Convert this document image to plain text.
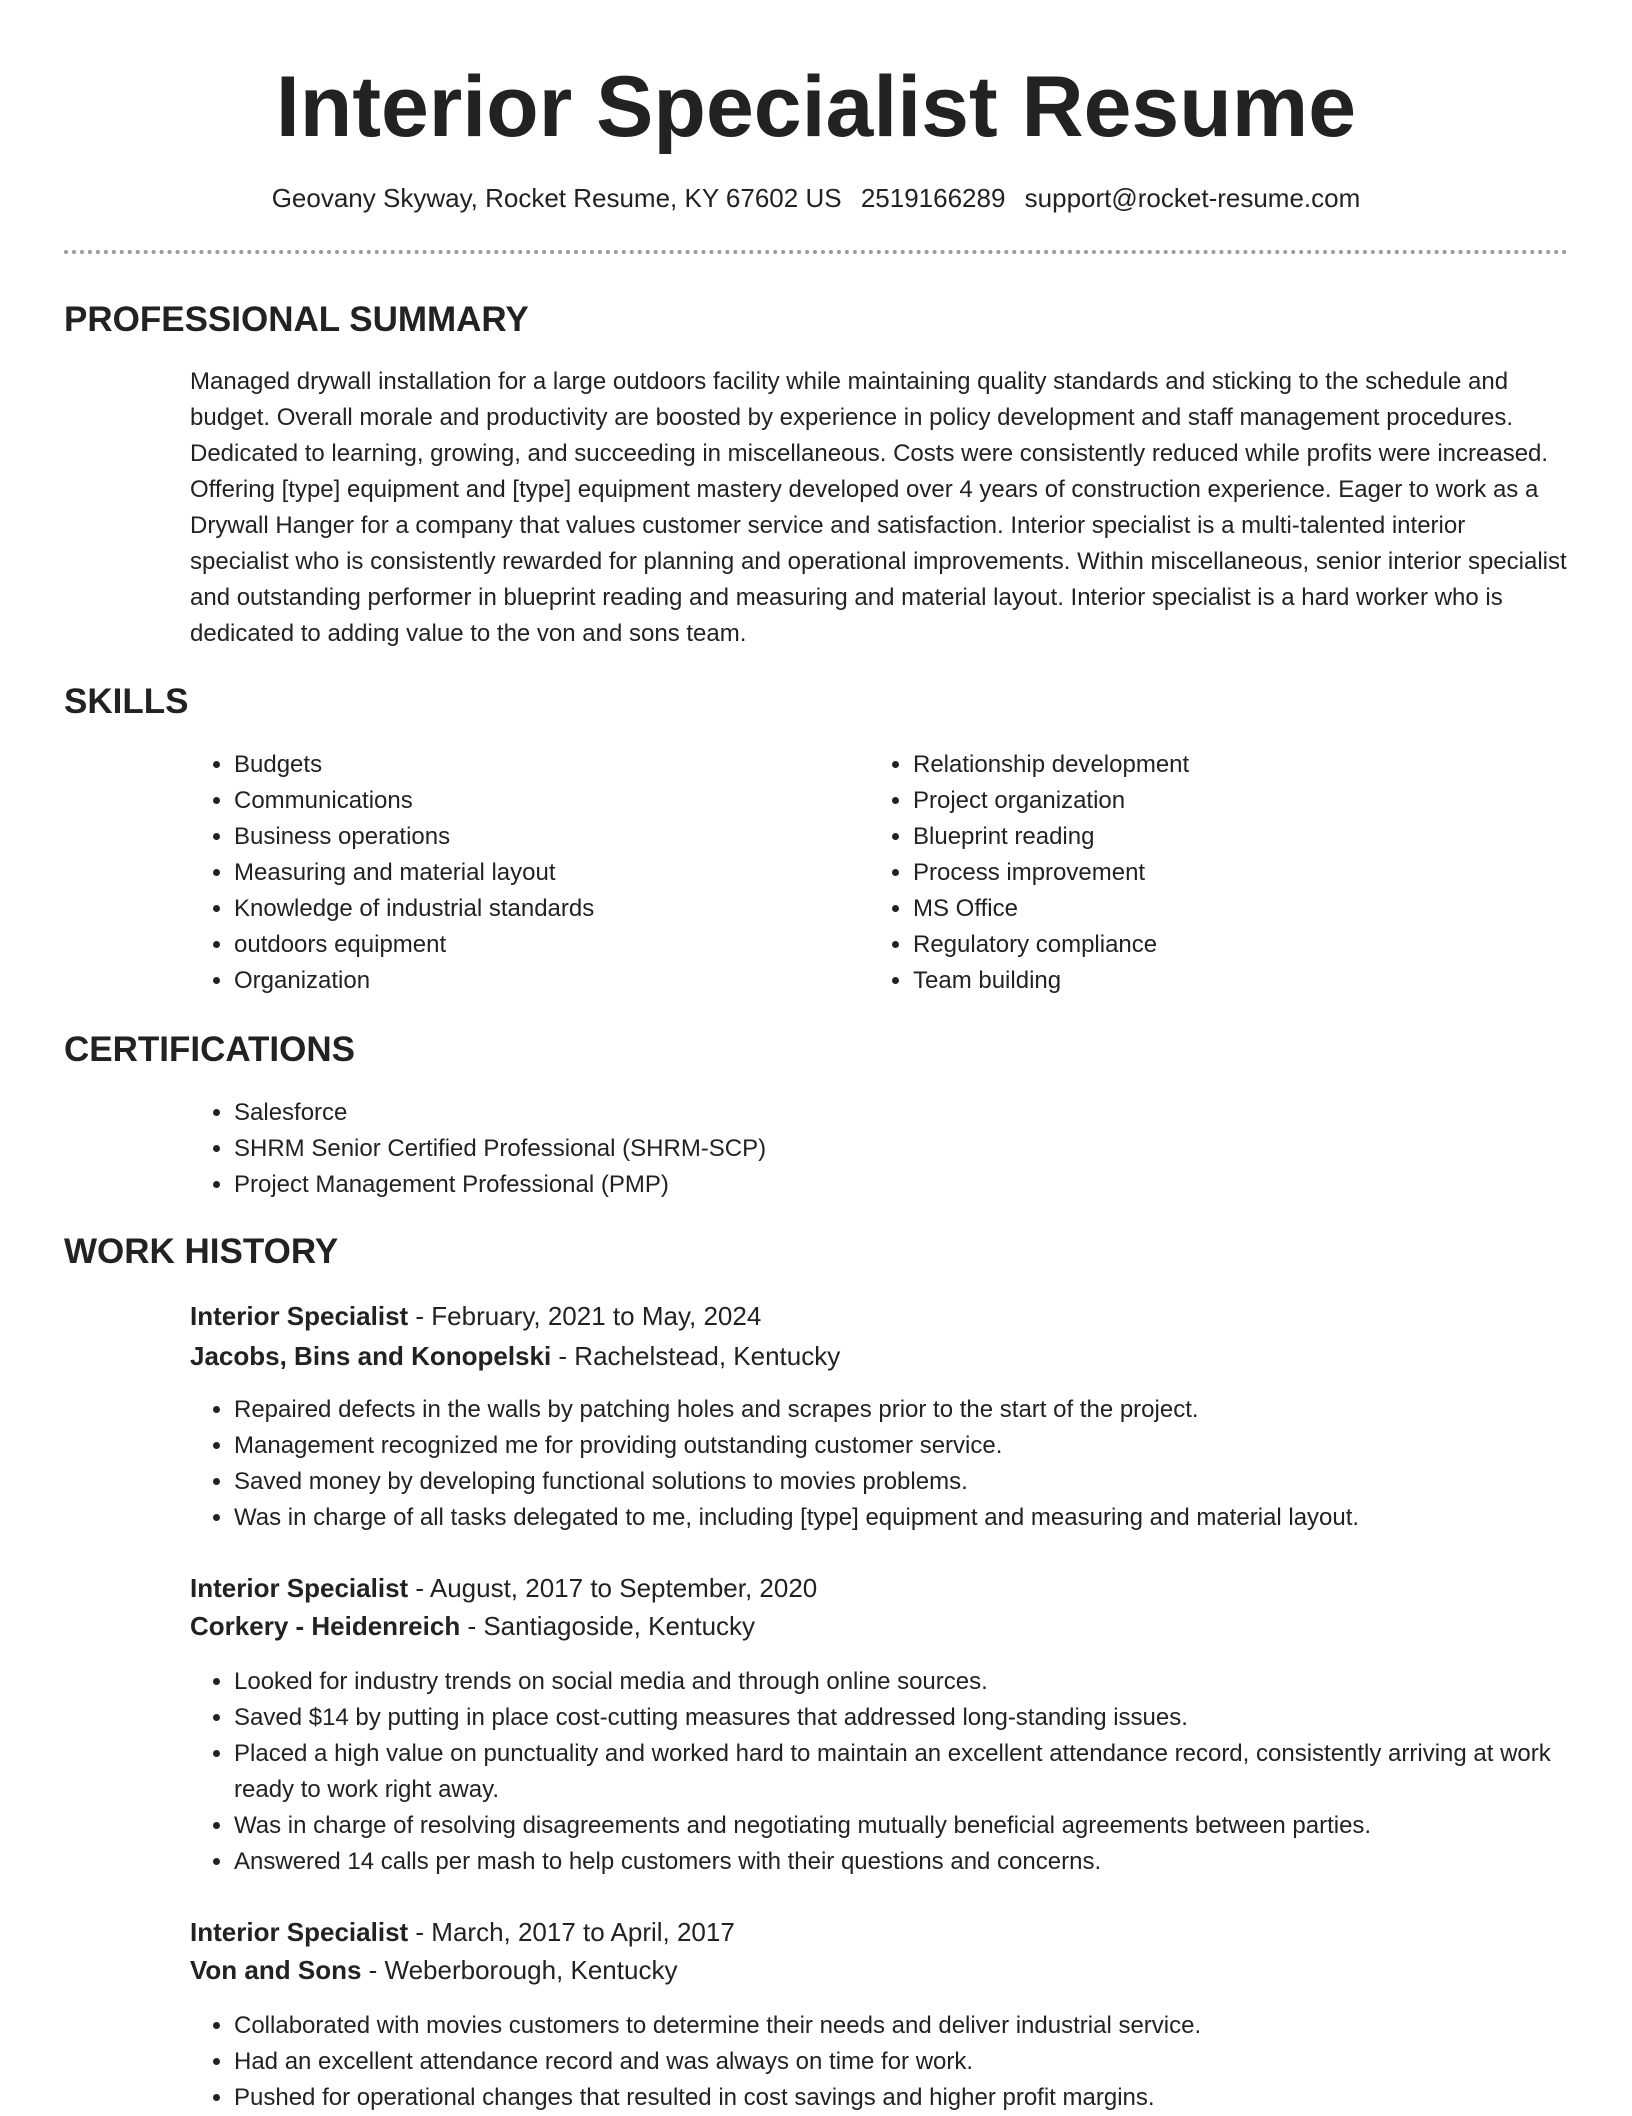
Interior Specialist Resume
Geovany Skyway, Rocket Resume, KY 67602 US 2519166289 support@rocket-resume.com
PROFESSIONAL SUMMARY

Managed drywall installation for a large outdoors facility while maintaining quality standards and sticking to the schedule and budget. Overall morale and productivity are boosted by experience in policy development and staff management procedures. Dedicated to learning, growing, and succeeding in miscellaneous. Costs were consistently reduced while profits were increased. Offering [type] equipment and [type] equipment mastery developed over 4 years of construction experience. Eager to work as a Drywall Hanger for a company that values customer service and satisfaction. Interior specialist is a multi-talented interior specialist who is consistently rewarded for planning and operational improvements. Within miscellaneous, senior interior specialist and outstanding performer in blueprint reading and measuring and material layout. Interior specialist is a hard worker who is dedicated to adding value to the von and sons team.

SKILLS
• Budgets
• Communications
• Business operations
• Measuring and material layout
• Knowledge of industrial standards
• outdoors equipment
• Organization
• Relationship development
• Project organization
• Blueprint reading
• Process improvement
• MS Office
• Regulatory compliance
• Team building
CERTIFICATIONS
• Salesforce
• SHRM Senior Certified Professional (SHRM-SCP)
• Project Management Professional (PMP)
WORK HISTORY
Interior Specialist - February, 2021 to May, 2024
Jacobs, Bins and Konopelski - Rachelstead, Kentucky
• Repaired defects in the walls by patching holes and scrapes prior to the start of the project.
• Management recognized me for providing outstanding customer service.
• Saved money by developing functional solutions to movies problems.
• Was in charge of all tasks delegated to me, including [type] equipment and measuring and material layout.
Interior Specialist - August, 2017 to September, 2020
Corkery - Heidenreich - Santiagoside, Kentucky
• Looked for industry trends on social media and through online sources.
• Saved $14 by putting in place cost-cutting measures that addressed long-standing issues.
• Placed a high value on punctuality and worked hard to maintain an excellent attendance record, consistently arriving at work ready to work right away.
• Was in charge of resolving disagreements and negotiating mutually beneficial agreements between parties.
• Answered 14 calls per mash to help customers with their questions and concerns.
Interior Specialist - March, 2017 to April, 2017
Von and Sons - Weberborough, Kentucky
• Collaborated with movies customers to determine their needs and deliver industrial service.
• Had an excellent attendance record and was always on time for work.
• Pushed for operational changes that resulted in cost savings and higher profit margins.
